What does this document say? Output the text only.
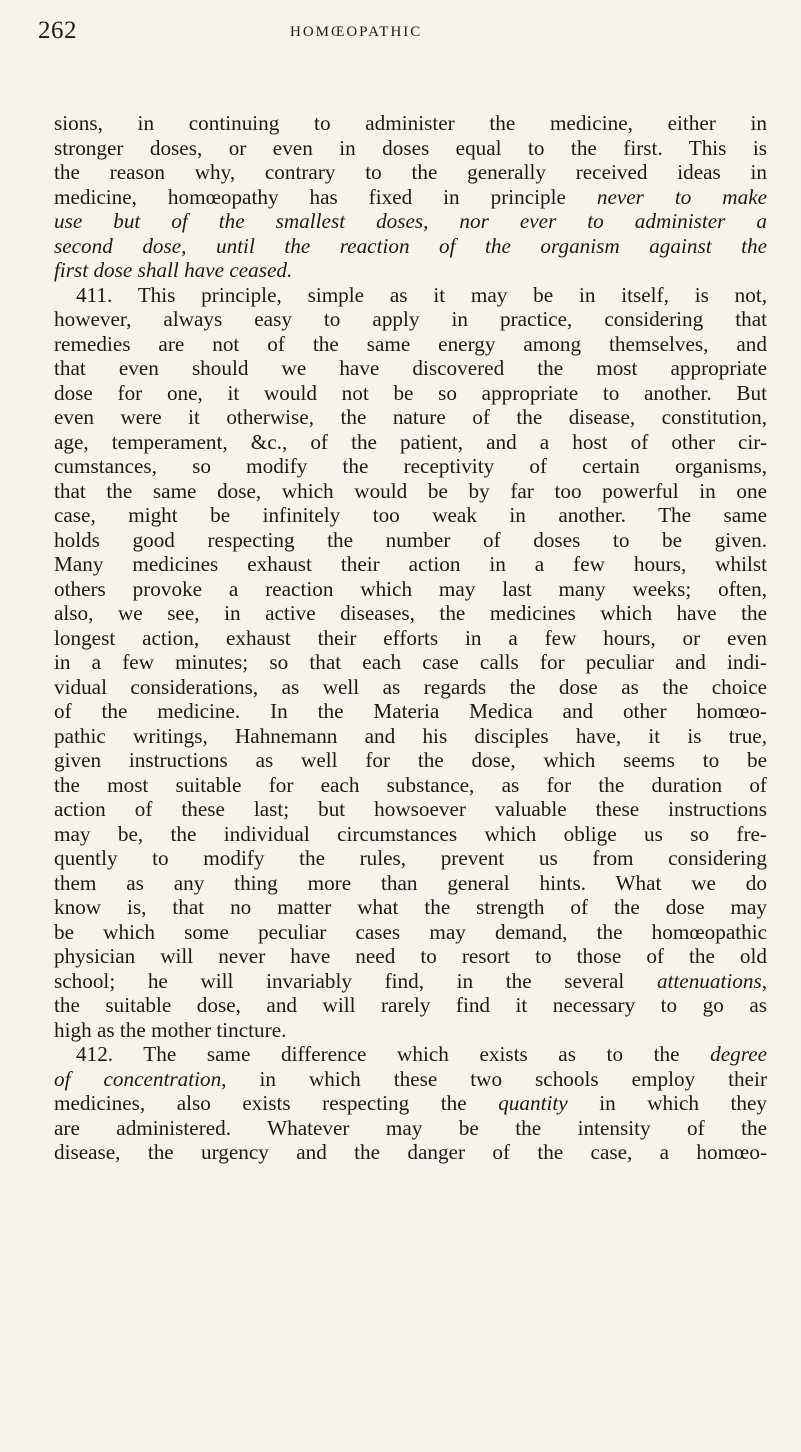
262	HOMŒOPATHIC
sions, in continuing to administer the medicine, either in
stronger doses, or even in doses equal to the first. This is
the reason why, contrary to the generally received ideas in
medicine, homœopathy has fixed in principle never to make
use but of the smallest doses, nor ever to administer a
second dose, until the reaction of the organism against the
first dose shall have ceased.
411. This principle, simple as it may be in itself, is not,
however, always easy to apply in practice, considering that
remedies are not of the same energy among themselves, and
that even should we have discovered the most appropriate
dose for one, it would not be so appropriate to another. But
even were it otherwise, the nature of the disease, constitution,
age, temperament, &c., of the patient, and a host of other cir-
cumstances, so modify the receptivity of certain organisms,
that the same dose, which would be by far too powerful in one
case, might be infinitely too weak in another. The same
holds good respecting the number of doses to be given.
Many medicines exhaust their action in a few hours, whilst
others provoke a reaction which may last many weeks; often,
also, we see, in active diseases, the medicines which have the
longest action, exhaust their efforts in a few hours, or even
in a few minutes; so that each case calls for peculiar and indi-
vidual considerations, as well as regards the dose as the choice
of the medicine. In the Materia Medica and other homœo-
pathic writings, Hahnemann and his disciples have, it is true,
given instructions as well for the dose, which seems to be
the most suitable for each substance, as for the duration of
action of these last; but howsoever valuable these instructions
may be, the individual circumstances which oblige us so fre-
quently to modify the rules, prevent us from considering
them as any thing more than general hints. What we do
know is, that no matter what the strength of the dose may
be which some peculiar cases may demand, the homœopathic
physician will never have need to resort to those of the old
school; he will invariably find, in the several attenuations,
the suitable dose, and will rarely find it necessary to go as
high as the mother tincture.
412. The same difference which exists as to the degree
of concentration, in which these two schools employ their
medicines, also exists respecting the quantity in which they
are administered. Whatever may be the intensity of the
disease, the urgency and the danger of the case, a homœo-
